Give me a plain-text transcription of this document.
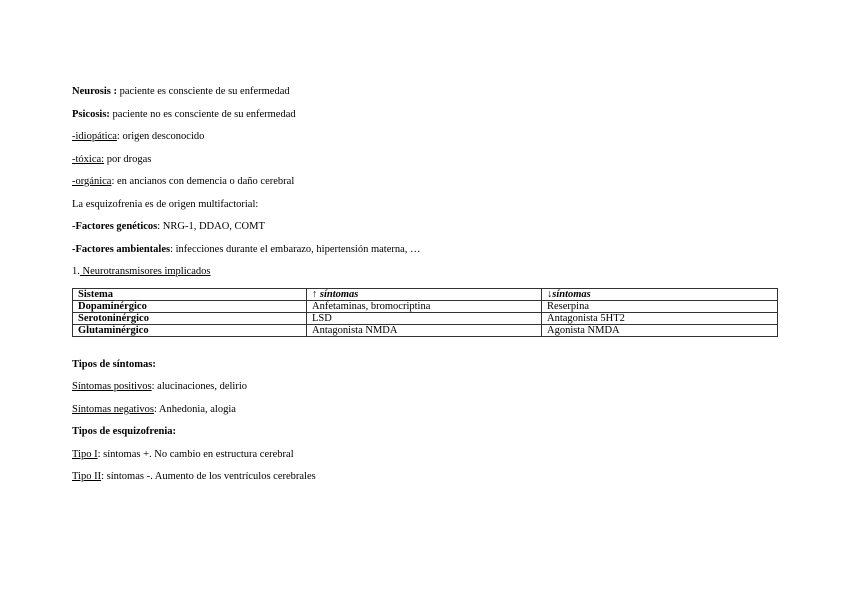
Neurosis : paciente es consciente de su enfermedad
Psicosis: paciente no es consciente de su enfermedad
-idiopática: origen desconocido
-tóxica: por drogas
-orgánica: en ancianos con demencia o daño cerebral
La esquizofrenia es de origen multifactorial:
-Factores genéticos: NRG-1, DDAO, COMT
-Factores ambientales: infecciones durante el embarazo, hipertensión materna, …
1. Neurotransmisores implicados
Sistema	↑ síntomas	↓síntomas
Dopaminérgico	Anfetaminas, bromocriptina	Reserpina
Serotoninérgico	LSD	Antagonista 5HT2
Glutaminérgico	Antagonista NMDA	Agonista NMDA
Tipos de síntomas:
Síntomas positivos: alucinaciones, delirio
Síntomas negativos: Anhedonia, alogia
Tipos de esquizofrenia:
Tipo I: síntomas +. No cambio en estructura cerebral
Tipo II: síntomas -. Aumento de los ventrículos cerebrales
